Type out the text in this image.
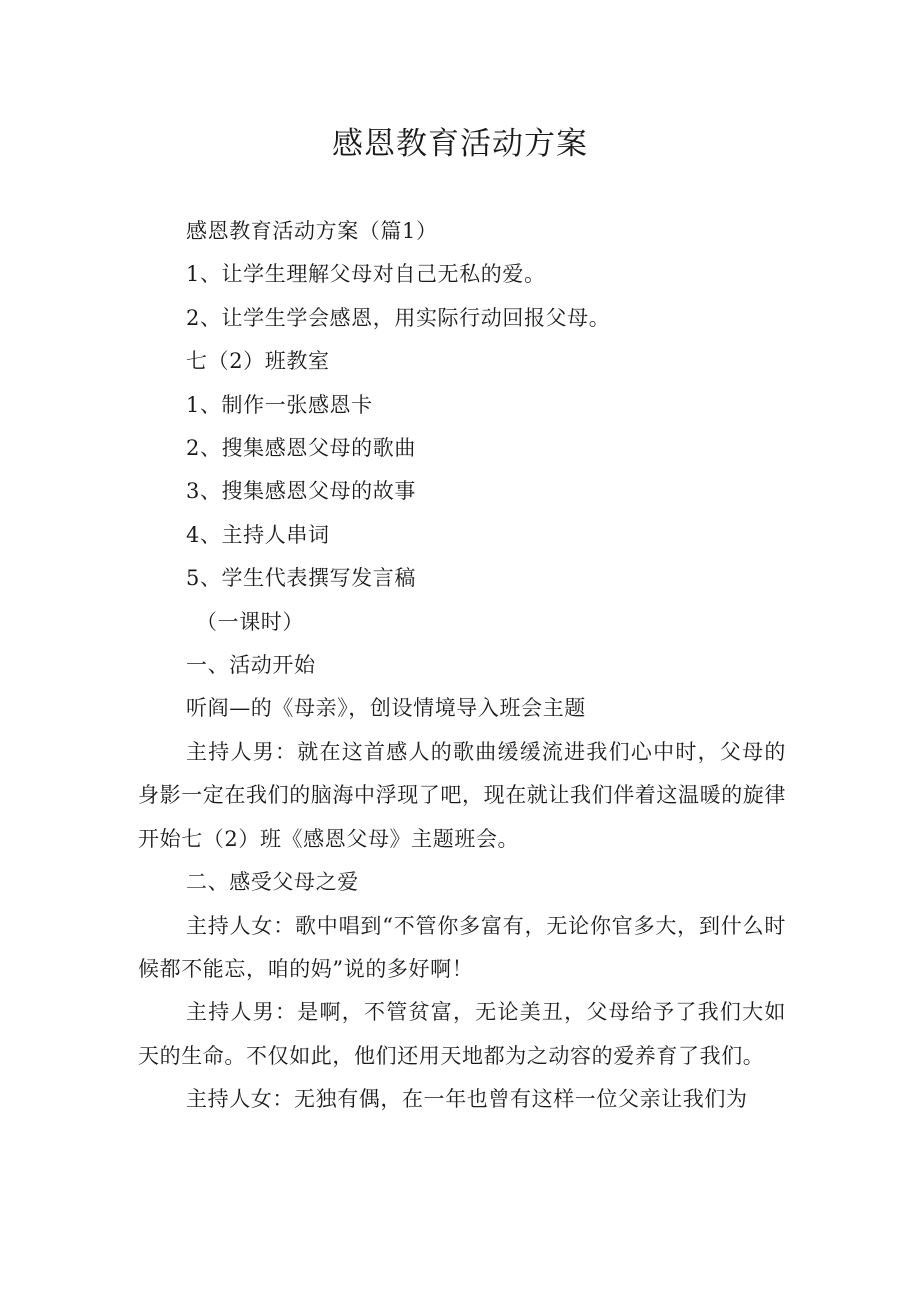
感恩教育活动方案

感恩教育活动方案（篇1）

1、让学生理解父母对自己无私的爱。

2、让学生学会感恩，用实际行动回报父母。

七（2）班教室

1、制作一张感恩卡

2、搜集感恩父母的歌曲

3、搜集感恩父母的故事

4、主持人串词

5、学生代表撰写发言稿

（一课时）

一、活动开始

听阎—的《母亲》，创设情境导入班会主题

主持人男：就在这首感人的歌曲缓缓流进我们心中时，父母的身影一定在我们的脑海中浮现了吧，现在就让我们伴着这温暖的旋律开始七（2）班《感恩父母》主题班会。

二、感受父母之爱

主持人女：歌中唱到“不管你多富有，无论你官多大，到什么时候都不能忘，咱的妈”说的多好啊！

主持人男：是啊，不管贫富，无论美丑，父母给予了我们大如天的生命。不仅如此，他们还用天地都为之动容的爱养育了我们。

主持人女：无独有偶，在一年也曾有这样一位父亲让我们为
